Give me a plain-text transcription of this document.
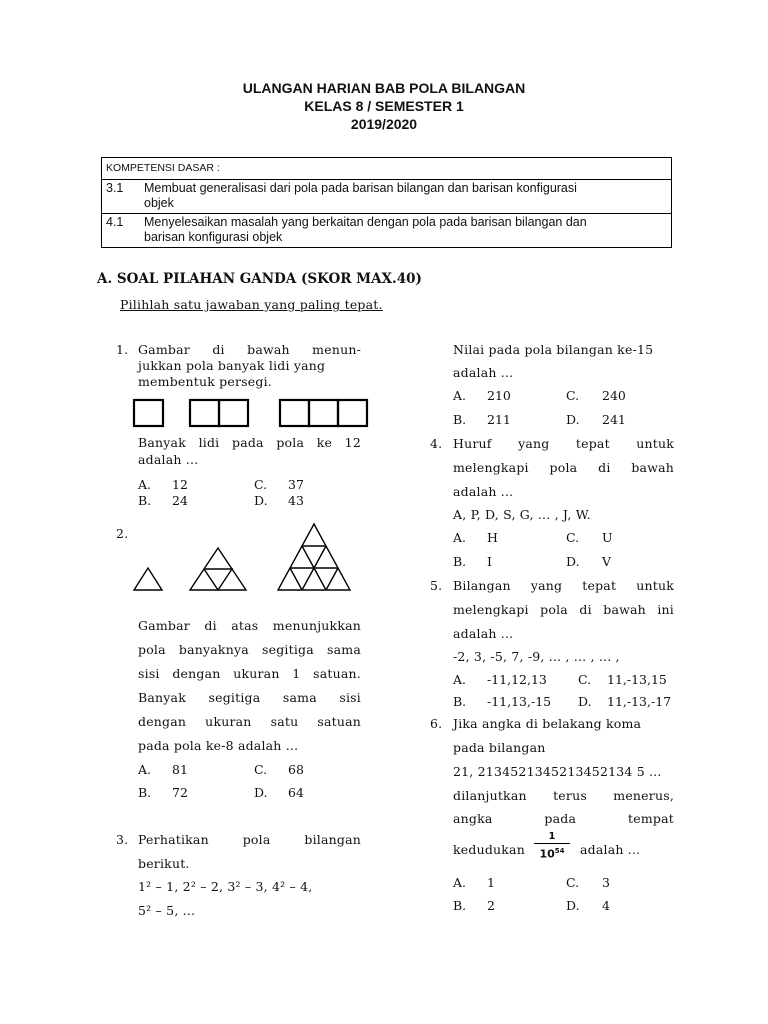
ULANGAN HARIAN BAB POLA BILANGAN
KELAS 8 / SEMESTER 1
2019/2020
KOMPETENSI DASAR :

3.1 Membuat generalisasi dari pola pada barisan bilangan dan barisan konfigurasi
objek

4.1 Menyelesaikan masalah yang berkaitan dengan pola pada barisan bilangan dan
barisan konfigurasi objek
A. SOAL PILAHAN GANDA (SKOR MAX.40)
Pilihlah satu jawaban yang paling tepat.
1. Gambar di bawah menun-
jukkan pola banyak lidi yang
membentuk persegi.
Banyak lidi pada pola ke 12
adalah ...
A. 12
B. 24
C. 37
D. 43
2.
Gambar di atas menunjukkan
pola banyaknya segitiga sama
sisi dengan ukuran 1 satuan.
Banyak segitiga sama sisi
dengan ukuran satu satuan
pada pola ke-8 adalah ...
A. 81
B. 72
C. 68
D. 64
3. Perhatikan pola bilangan
berikut.
1² – 1, 2² – 2, 3² – 3, 4² – 4,
5² – 5, ...
Nilai pada pola bilangan ke-15
adalah ...
A. 210
B. 211
C. 240
D. 241
4. Huruf yang tepat untuk
melengkapi pola di bawah
adalah ...
A, P, D, S, G, ... , J, W.
A. H
B. I
C. U
D. V
5. Bilangan yang tepat untuk
melengkapi pola di bawah ini
adalah ...
-2, 3, -5, 7, -9, ... , ... , ... ,
A. -11,12,13
B. -11,13,-15
C. 11,-13,15
D. 11,-13,-17
6. Jika angka di belakang koma
pada bilangan
21, 2134521345213452134 5 ...
dilanjutkan terus menerus,
angka pada tempat
kedudukan $\frac{1}{10^{54}}$ adalah ...
A. 1
B. 2
C. 3
D. 4
